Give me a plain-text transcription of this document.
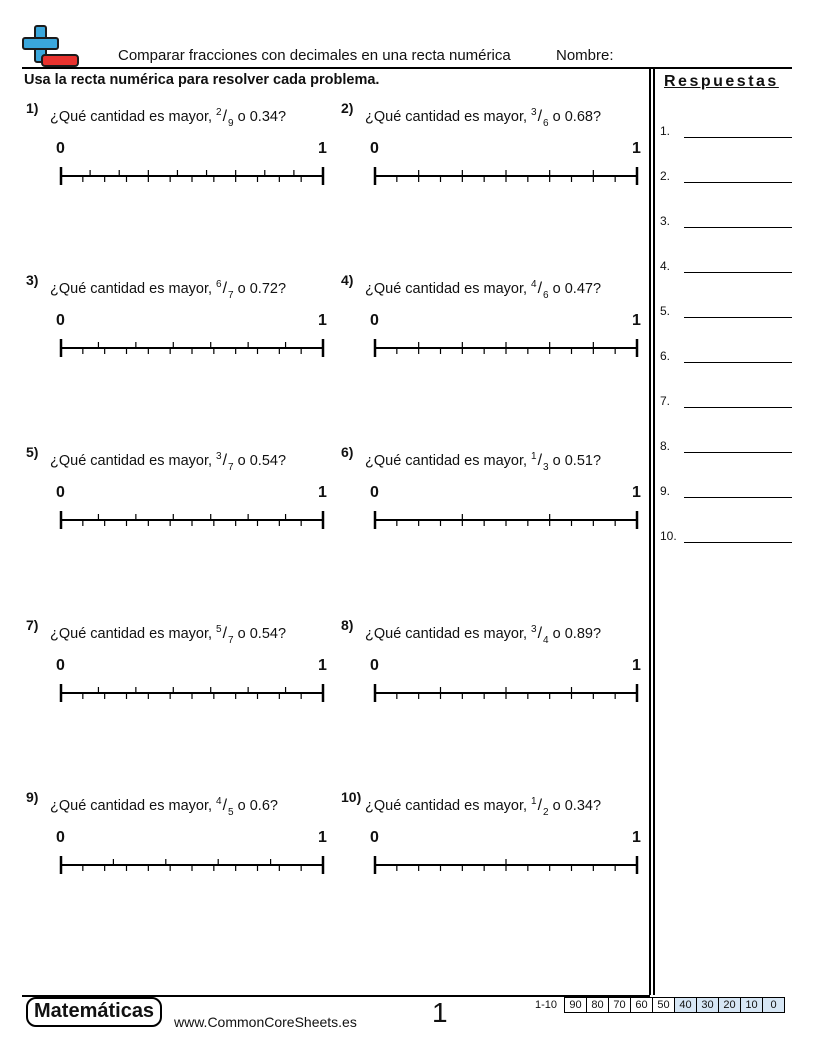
Comparar fracciones con decimales en una recta numérica	Nombre:
Usa la recta numérica para resolver cada problema.	Respuestas
1.
2.
3.
4.
5.
6.
7.
8.
9.
10.
1)
¿Qué cantidad es mayor, $^2/_9$ o 0.34?
0	1
2)
¿Qué cantidad es mayor, $^3/_6$ o 0.68?
0	1
3)
¿Qué cantidad es mayor, $^6/_7$ o 0.72?
0	1
4)
¿Qué cantidad es mayor, $^4/_6$ o 0.47?
0	1
5)
¿Qué cantidad es mayor, $^3/_7$ o 0.54?
0	1
6)
¿Qué cantidad es mayor, $^1/_3$ o 0.51?
0	1
7)
¿Qué cantidad es mayor, $^5/_7$ o 0.54?
0	1
8)
¿Qué cantidad es mayor, $^3/_4$ o 0.89?
0	1
9)
¿Qué cantidad es mayor, $^4/_5$ o 0.6?
0	1
10)
¿Qué cantidad es mayor, $^1/_2$ o 0.34?
0	1
Matemáticas	www.CommonCoreSheets.es	1	1-10 90	80	70	60	50	40	30	20	10	0
